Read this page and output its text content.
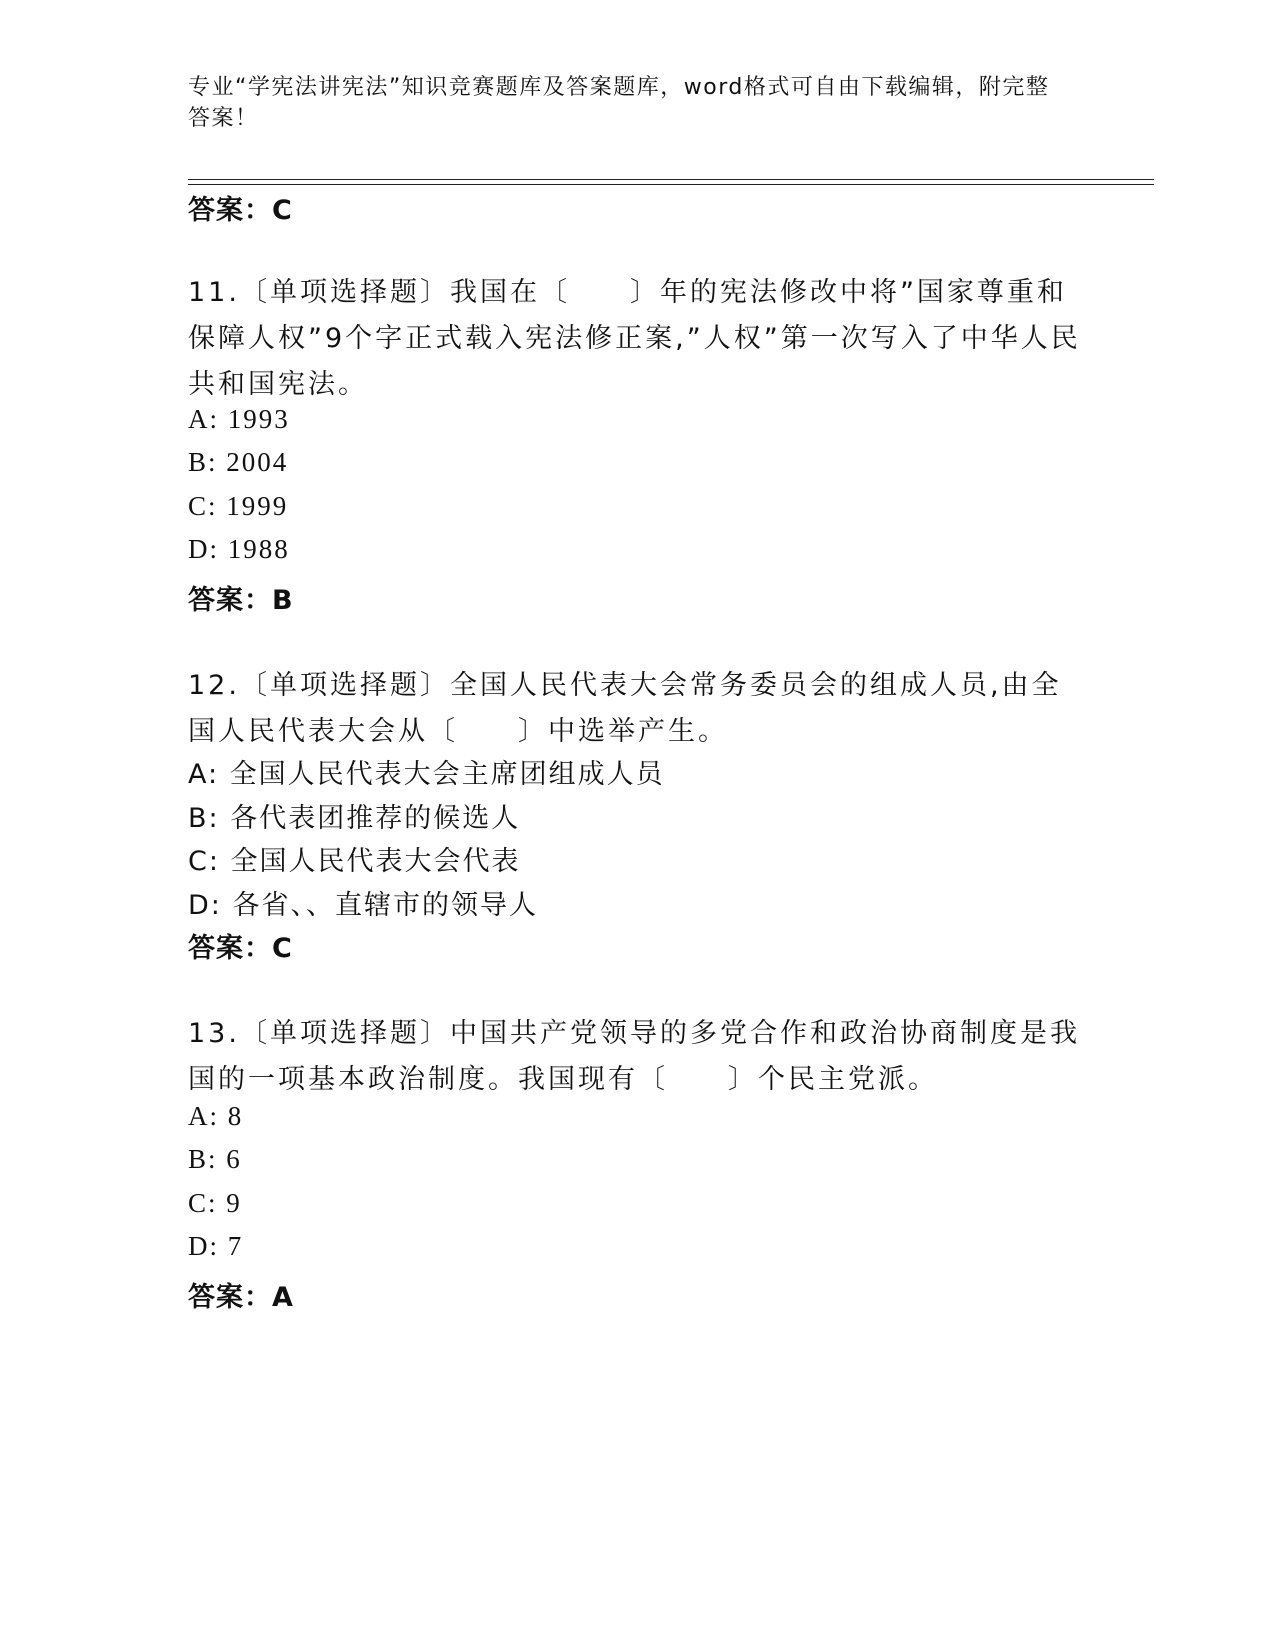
专业“学宪法讲宪法”知识竞赛题库及答案题库，word格式可自由下载编辑，附完整答案！
答案：C
11.〔单项选择题〕我国在〔　　〕年的宪法修改中将”国家尊重和保障人权”9个字正式载入宪法修正案,”人权”第一次写入了中华人民共和国宪法。
A: 1993
B: 2004
C: 1999
D: 1988
答案：B
12.〔单项选择题〕全国人民代表大会常务委员会的组成人员,由全国人民代表大会从〔　　〕中选举产生。
A: 全国人民代表大会主席团组成人员
B: 各代表团推荐的候选人
C: 全国人民代表大会代表
D: 各省、、直辖市的领导人
答案：C
13.〔单项选择题〕中国共产党领导的多党合作和政治协商制度是我国的一项基本政治制度。我国现有〔　　〕个民主党派。
A: 8
B: 6
C: 9
D: 7
答案：A
